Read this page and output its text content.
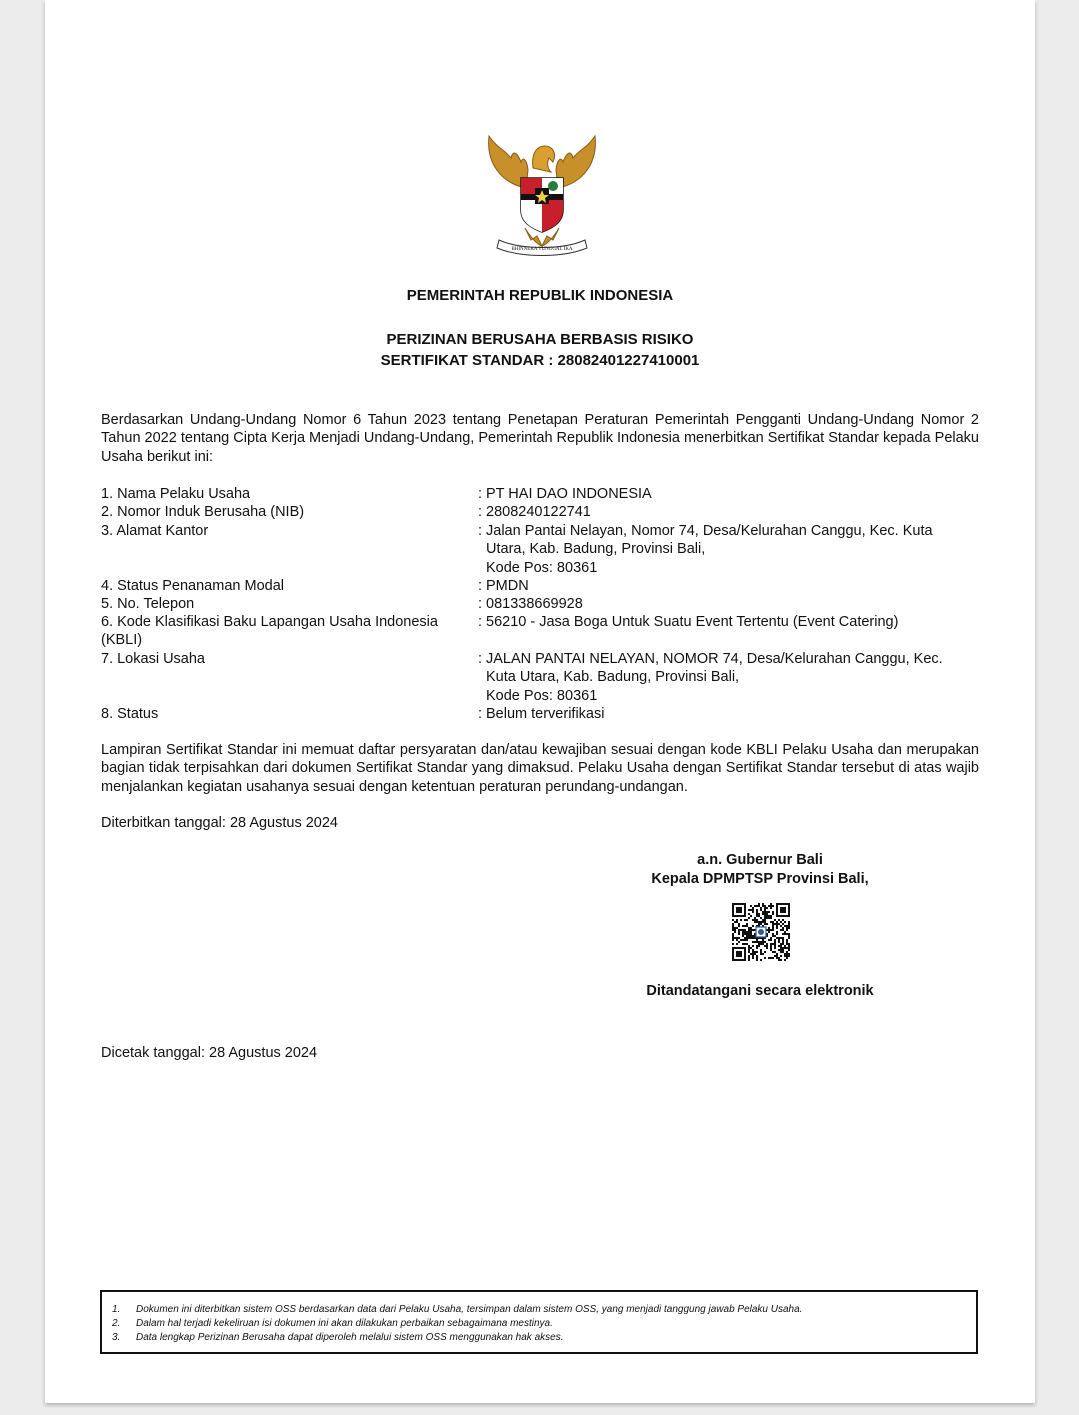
BHINNEKA TUNGGAL IKA
PEMERINTAH REPUBLIK INDONESIA
PERIZINAN BERUSAHA BERBASIS RISIKO
SERTIFIKAT STANDAR : 28082401227410001
Berdasarkan Undang-Undang Nomor 6 Tahun 2023 tentang Penetapan Peraturan Pemerintah Pengganti Undang-Undang Nomor 2 Tahun 2022 tentang Cipta Kerja Menjadi Undang-Undang, Pemerintah Republik Indonesia menerbitkan Sertifikat Standar kepada Pelaku Usaha berikut ini:
1. Nama Pelaku Usaha	: PT HAI DAO INDONESIA
2. Nomor Induk Berusaha (NIB)	: 2808240122741
3. Alamat Kantor	: Jalan Pantai Nelayan, Nomor 74, Desa/Kelurahan Canggu, Kec. Kuta
Utara, Kab. Badung, Provinsi Bali,
Kode Pos: 80361
4. Status Penanaman Modal	: PMDN
5. No. Telepon	: 081338669928
6. Kode Klasifikasi Baku Lapangan Usaha Indonesia
(KBLI)
: 56210 - Jasa Boga Untuk Suatu Event Tertentu (Event Catering)
7. Lokasi Usaha	: JALAN PANTAI NELAYAN, NOMOR 74, Desa/Kelurahan Canggu, Kec.
Kuta Utara, Kab. Badung, Provinsi Bali,
Kode Pos: 80361
8. Status	: Belum terverifikasi
Lampiran Sertifikat Standar ini memuat daftar persyaratan dan/atau kewajiban sesuai dengan kode KBLI Pelaku Usaha dan merupakan bagian tidak terpisahkan dari dokumen Sertifikat Standar yang dimaksud. Pelaku Usaha dengan Sertifikat Standar tersebut di atas wajib menjalankan kegiatan usahanya sesuai dengan ketentuan peraturan perundang-undangan.
Diterbitkan tanggal: 28 Agustus 2024
a.n. Gubernur Bali
Kepala DPMPTSP Provinsi Bali,
Ditandatangani secara elektronik
Dicetak tanggal: 28 Agustus 2024
1. Dokumen ini diterbitkan sistem OSS berdasarkan data dari Pelaku Usaha, tersimpan dalam sistem OSS, yang menjadi tanggung jawab Pelaku Usaha.
2. Dalam hal terjadi kekeliruan isi dokumen ini akan dilakukan perbaikan sebagaimana mestinya.
3. Data lengkap Perizinan Berusaha dapat diperoleh melalui sistem OSS menggunakan hak akses.
